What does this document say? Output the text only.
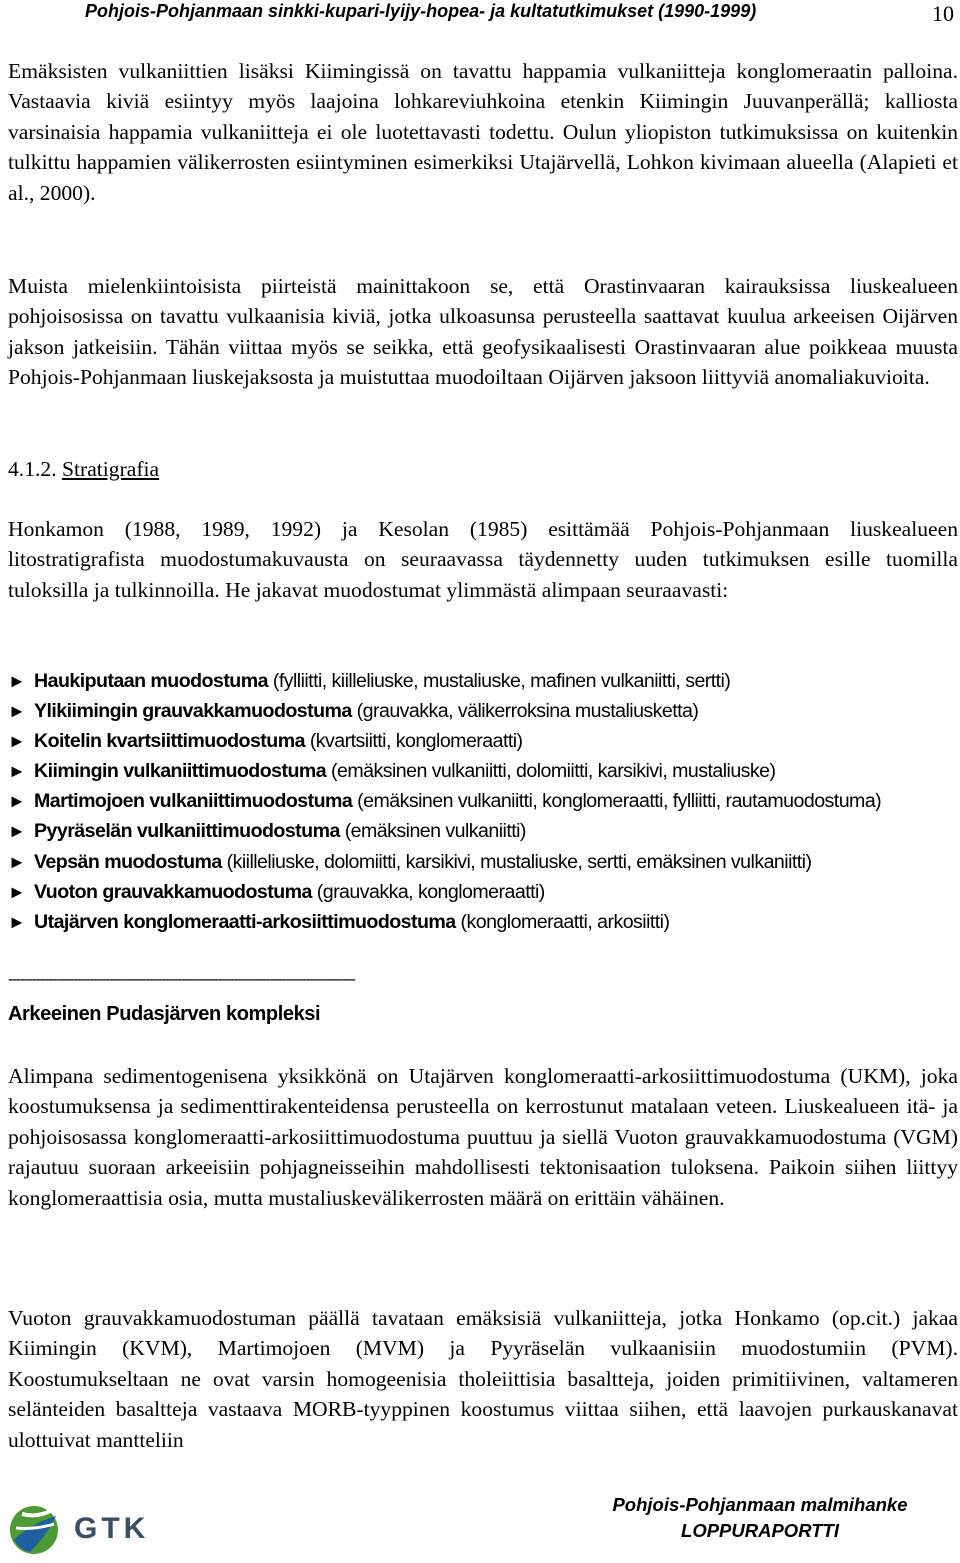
Pohjois-Pohjanmaan sinkki-kupari-lyijy-hopea- ja kultatutkimukset (1990-1999)	10

Emäksisten vulkaniittien lisäksi Kiimingissä on tavattu happamia vulkaniitteja konglomeraatin palloina. Vastaavia kiviä esiintyy myös laajoina lohkareviuhkoina etenkin Kiimingin Juuvanperällä; kalliosta varsinaisia happamia vulkaniitteja ei ole luotettavasti todettu. Oulun yliopiston tutkimuksissa on kuitenkin tulkittu happamien välikerrosten esiintyminen esimerkiksi Utajärvellä, Lohkon kivimaan alueella (Alapieti et al., 2000).

Muista mielenkiintoisista piirteistä mainittakoon se, että Orastinvaaran kairauksissa liuskealueen pohjoisosissa on tavattu vulkaanisia kiviä, jotka ulkoasunsa perusteella saattavat kuulua arkeeisen Oijärven jakson jatkeisiin. Tähän viittaa myös se seikka, että geofysikaalisesti Orastinvaaran alue poikkeaa muusta Pohjois-Pohjanmaan liuskejaksosta ja muistuttaa muodoiltaan Oijärven jaksoon liittyviä anomaliakuvioita.

4.1.2. Stratigrafia

Honkamon (1988, 1989, 1992) ja Kesolan (1985) esittämää Pohjois-Pohjanmaan liuskealueen litostratigrafista muodostumakuvausta on seuraavassa täydennetty uuden tutkimuksen esille tuomilla tuloksilla ja tulkinnoilla. He jakavat muodostumat ylimmästä alimpaan seuraavasti:

► Haukiputaan muodostuma (fylliitti, kiilleliuske, mustaliuske, mafinen vulkaniitti, sertti)
► Ylikiimingin grauvakkamuodostuma (grauvakka, välikerroksina mustaliusketta)
► Koitelin kvartsiittimuodostuma (kvartsiitti, konglomeraatti)
► Kiimingin vulkaniittimuodostuma (emäksinen vulkaniitti, dolomiitti, karsikivi, mustaliuske)
► Martimojoen vulkaniittimuodostuma (emäksinen vulkaniitti, konglomeraatti, fylliitti, rautamuodostuma)
► Pyyräselän vulkaniittimuodostuma (emäksinen vulkaniitti)
► Vepsän muodostuma (kiilleliuske, dolomiitti, karsikivi, mustaliuske, sertti, emäksinen vulkaniitti)
► Vuoton grauvakkamuodostuma (grauvakka, konglomeraatti)
► Utajärven konglomeraatti-arkosiittimuodostuma (konglomeraatti, arkosiitti)
--------------------------------------------------------------------------------------
Arkeeinen Pudasjärven kompleksi

Alimpana sedimentogenisena yksikkönä on Utajärven konglomeraatti-arkosiittimuodostuma (UKM), joka koostumuksensa ja sedimenttirakenteidensa perusteella on kerrostunut matalaan veteen. Liuskealueen itä- ja pohjoisosassa konglomeraatti-arkosiittimuodostuma puuttuu ja siellä Vuoton grauvakkamuodostuma (VGM) rajautuu suoraan arkeeisiin pohjagneisseihin mahdollisesti tektonisaation tuloksena. Paikoin siihen liittyy konglomeraattisia osia, mutta mustaliuskevälikerrosten määrä on erittäin vähäinen.

Vuoton grauvakkamuodostuman päällä tavataan emäksisiä vulkaniitteja, jotka Honkamo (op.cit.) jakaa Kiimingin (KVM), Martimojoen (MVM) ja Pyyräselän vulkaanisiin muodostumiin (PVM). Koostumukseltaan ne ovat varsin homogeenisia tholeiittisia basaltteja, joiden primitiivinen, valtameren selänteiden basaltteja vastaava MORB-tyyppinen koostumus viittaa siihen, että laavojen purkauskanavat ulottuivat mantteliin

GTK
Pohjois-Pohjanmaan malmihanke
LOPPURAPORTTI
